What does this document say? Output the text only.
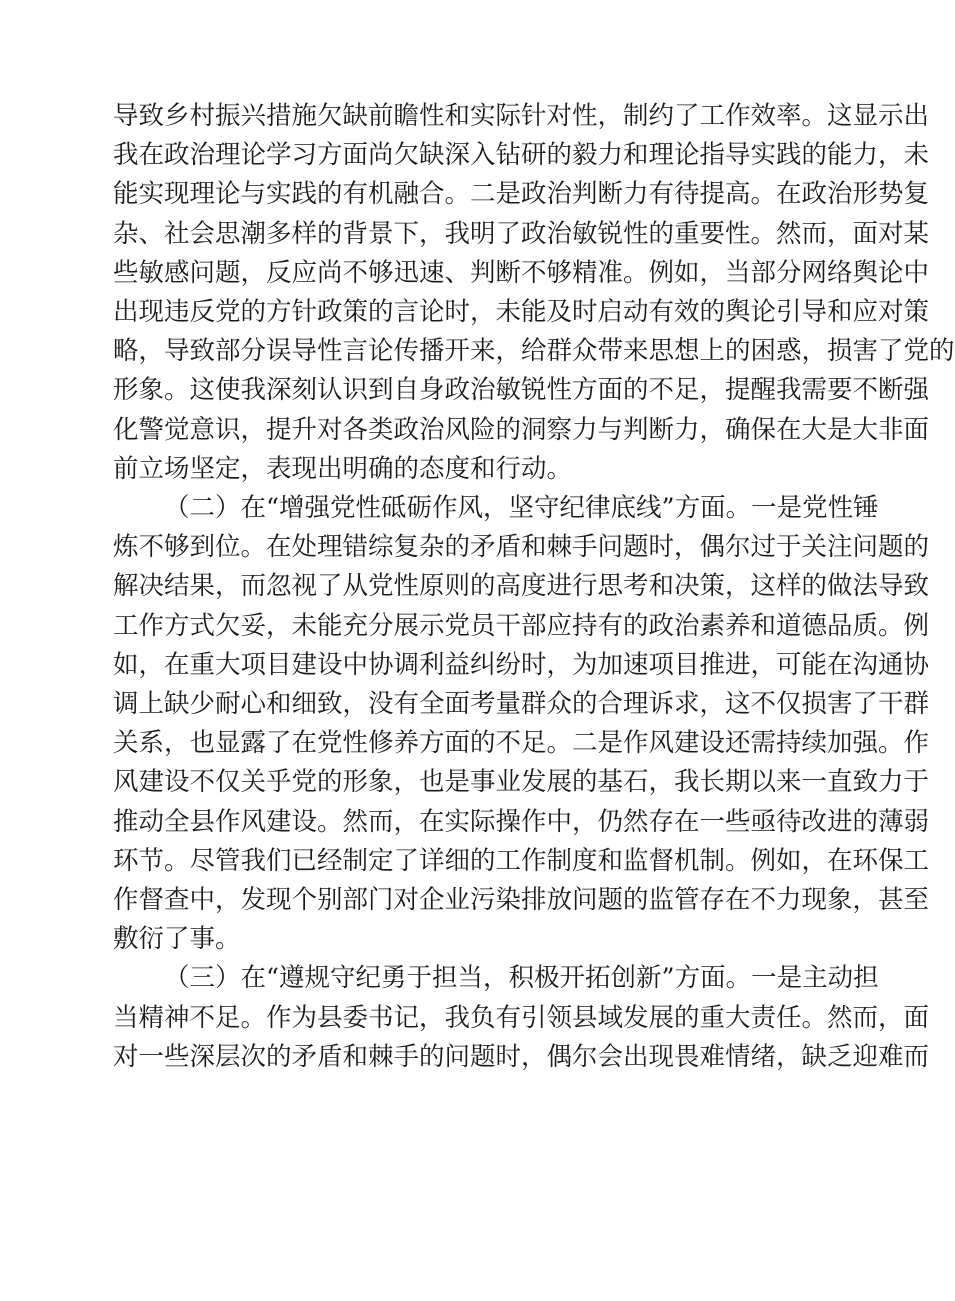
导致乡村振兴措施欠缺前瞻性和实际针对性，制约了工作效率。这显示出
我在政治理论学习方面尚欠缺深入钻研的毅力和理论指导实践的能力，未
能实现理论与实践的有机融合。二是政治判断力有待提高。在政治形势复
杂、社会思潮多样的背景下，我明了政治敏锐性的重要性。然而，面对某
些敏感问题，反应尚不够迅速、判断不够精准。例如，当部分网络舆论中
出现违反党的方针政策的言论时，未能及时启动有效的舆论引导和应对策
略，导致部分误导性言论传播开来，给群众带来思想上的困惑，损害了党的
形象。这使我深刻认识到自身政治敏锐性方面的不足，提醒我需要不断强
化警觉意识，提升对各类政治风险的洞察力与判断力，确保在大是大非面
前立场坚定，表现出明确的态度和行动。
（二）在“增强党性砥砺作风，坚守纪律底线”方面。一是党性锤
炼不够到位。在处理错综复杂的矛盾和棘手问题时，偶尔过于关注问题的
解决结果，而忽视了从党性原则的高度进行思考和决策，这样的做法导致
工作方式欠妥，未能充分展示党员干部应持有的政治素养和道德品质。例
如，在重大项目建设中协调利益纠纷时，为加速项目推进，可能在沟通协
调上缺少耐心和细致，没有全面考量群众的合理诉求，这不仅损害了干群
关系，也显露了在党性修养方面的不足。二是作风建设还需持续加强。作
风建设不仅关乎党的形象，也是事业发展的基石，我长期以来一直致力于
推动全县作风建设。然而，在实际操作中，仍然存在一些亟待改进的薄弱
环节。尽管我们已经制定了详细的工作制度和监督机制。例如，在环保工
作督查中，发现个别部门对企业污染排放问题的监管存在不力现象，甚至
敷衍了事。
（三）在“遵规守纪勇于担当，积极开拓创新”方面。一是主动担
当精神不足。作为县委书记，我负有引领县域发展的重大责任。然而，面
对一些深层次的矛盾和棘手的问题时，偶尔会出现畏难情绪，缺乏迎难而
